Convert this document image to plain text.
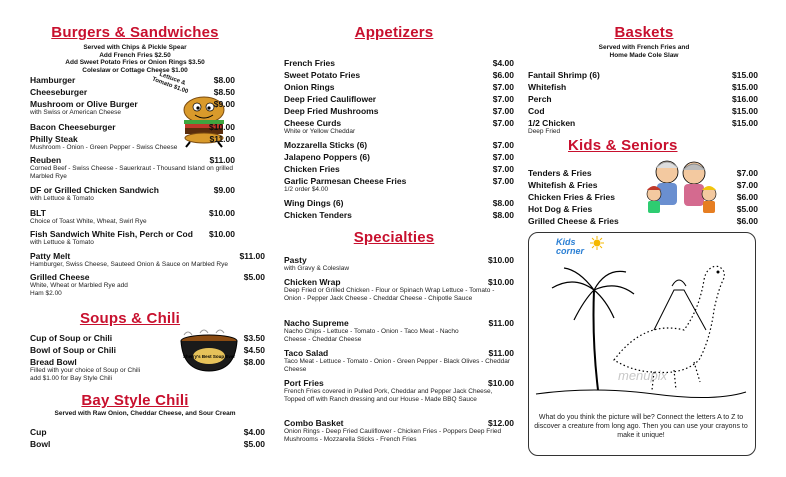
Burgers & Sandwiches
Served with Chips & Pickle Spear
Add French Fries $2.50
Add Sweet Potato Fries or Onion Rings $3.50
Coleslaw or Cottage Cheese $1.00
Lettuce & Tomato $1.00
Hamburger	$8.00
Cheeseburger	$8.50
Mushroom or Olive Burger	$9.00
with Swiss or American Cheese
Bacon Cheeseburger	$10.00
Philly Steak	$11.00
Mushroom - Onion - Green Pepper - Swiss Cheese
Reuben	$11.00
Corned Beef - Swiss Cheese - Sauerkraut - Thousand Island on grilled Marbled Rye
DF or Grilled Chicken Sandwich	$9.00
with Lettuce & Tomato
BLT	$10.00
Choice of Toast White, Wheat, Swirl Rye
Fish Sandwich White Fish, Perch or Cod $10.00
with Lettuce & Tomato
Patty Melt	$11.00
Hamburger, Swiss Cheese, Sauteed Onion & Sauce on Marbled Rye
Grilled Cheese	$5.00
White, Wheat or Marbled Rye add Ham $2.00
Soups & Chili
Cup of Soup or Chili	$3.50
Bowl of Soup or Chili	$4.50
Bread Bowl	$8.00
Filled with your choice of Soup or Chili add $1.00 for Bay Style Chili
Sherry's Best Soup Ever
Bay Style Chili
Served with Raw Onion, Cheddar Cheese, and Sour Cream
Cup	$4.00
Bowl	$5.00
Appetizers
French Fries	$4.00
Sweet Potato Fries	$6.00
Onion Rings	$7.00
Deep Fried Cauliflower	$7.00
Deep Fried Mushrooms	$7.00
Cheese Curds	$7.00
White or Yellow Cheddar
Mozzarella Sticks (6)	$7.00
Jalapeno Poppers (6)	$7.00
Chicken Fries	$7.00
Garlic Parmesan Cheese Fries	$7.00
1/2 order $4.00
Wing Dings (6)	$8.00
Chicken Tenders	$8.00
Specialties
Pasty	$10.00
with Gravy & Coleslaw
Chicken Wrap	$10.00
Deep Fried or Grilled Chicken - Flour or Spinach Wrap Lettuce - Tomato - Onion - Pepper Jack Cheese - Cheddar Cheese - Chipotle Sauce
Nacho Supreme	$11.00
Nacho Chips - Lettuce - Tomato - Onion - Taco Meat - Nacho Cheese - Cheddar Cheese
Taco Salad	$11.00
Taco Meat - Lettuce - Tomato - Onion - Green Pepper - Black Olives - Cheddar Cheese
Port Fries	$10.00
French Fries covered in Pulled Pork, Cheddar and Pepper Jack Cheese, Topped off with Ranch dressing and our House - Made BBQ Sauce
Combo Basket	$12.00
Onion Rings - Deep Fried Cauliflower - Chicken Fries - Poppers Deep Fried Mushrooms - Mozzarella Sticks - French Fries
Baskets
Served with French Fries and
Home Made Cole Slaw
Fantail Shrimp (6)	$15.00
Whitefish	$15.00
Perch	$16.00
Cod	$15.00
1/2 Chicken	$15.00
Deep Fried
Kids & Seniors
Tenders & Fries	$7.00
Whitefish & Fries	$7.00
Chicken Fries & Fries	$6.00
Hot Dog & Fries	$5.00
Grilled Cheese & Fries	$6.00
Kids corner
menupix
What do you think the picture will be? Connect the letters A to Z to discover a creature from long ago. Then you can use your crayons to make it unique!
